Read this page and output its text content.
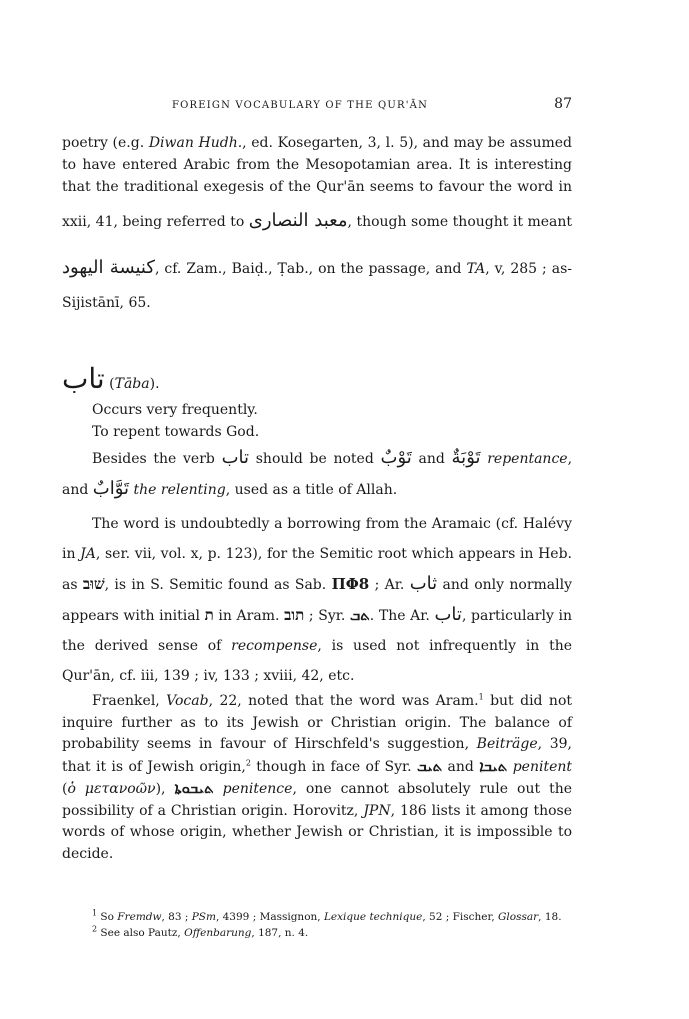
FOREIGN VOCABULARY OF THE QUR'ĀN	87

poetry (e.g. Diwan Hudh., ed. Kosegarten, 3, l. 5), and may be assumed to have entered Arabic from the Mesopotamian area. It is interesting that the traditional exegesis of the Qur'ān seems to favour the word in xxii, 41, being referred to معبد النصارى, though some thought it meant كنيسة اليهود, cf. Zam., Baiḍ., Ṭab., on the passage, and TA, v, 285 ; as-Sijistānī, 65.

تاب (Tāba).

Occurs very frequently.

To repent towards God.

Besides the verb تاب should be noted تَوْبٌ and تَوْبَةٌ repentance, and تَوَّابٌ the relenting, used as a title of Allah.

The word is undoubtedly a borrowing from the Aramaic (cf. Halévy in JA, ser. vii, vol. x, p. 123), for the Semitic root which appears in Heb. as שׁוּב, is in S. Semitic found as Sab. ΠΦ8 ; Ar. ثاب and only normally appears with initial ת in Aram. תוב ; Syr. ܬܒ. The Ar. تاب, particularly in the derived sense of recompense, is used not infrequently in the Qur'ān, cf. iii, 139 ; iv, 133 ; xviii, 42, etc.

Fraenkel, Vocab, 22, noted that the word was Aram.$^1$ but did not inquire further as to its Jewish or Christian origin. The balance of probability seems in favour of Hirschfeld's suggestion, Beiträge, 39, that it is of Jewish origin,$^2$ though in face of Syr. ܬܝܒ and ܬܝܒܐ penitent (ὁ μετανοῶν), ܬܝܒܘܬܐ penitence, one cannot absolutely rule out the possibility of a Christian origin. Horovitz, JPN, 186 lists it among those words of whose origin, whether Jewish or Christian, it is impossible to decide.

$^1$ So Fremdw, 83 ; PSm, 4399 ; Massignon, Lexique technique, 52 ; Fischer, Glossar, 18.

$^2$ See also Pautz, Offenbarung, 187, n. 4.
